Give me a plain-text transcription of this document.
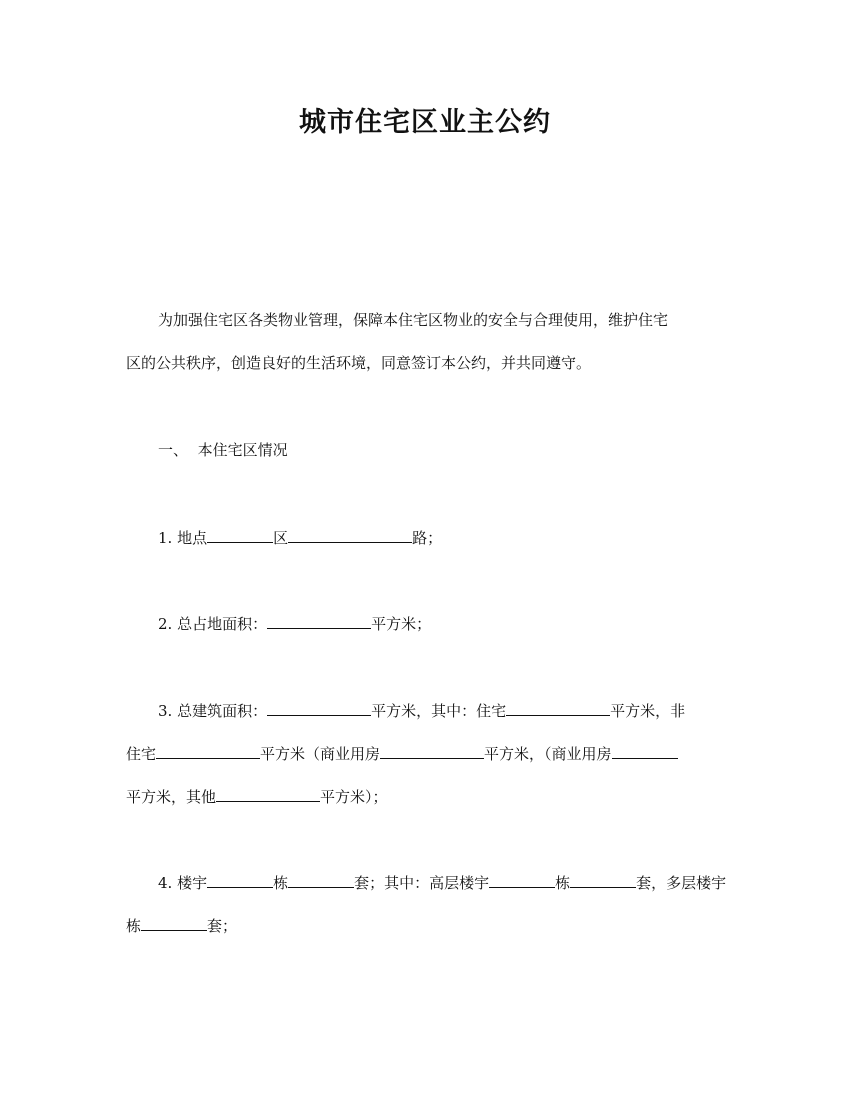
城市住宅区业主公约
为加强住宅区各类物业管理，保障本住宅区物业的安全与合理使用，维护住宅
区的公共秩序，创造良好的生活环境，同意签订本公约，并共同遵守。
一、 本住宅区情况
1. 地点	区	路；
2. 总占地面积：	平方米；
3. 总建筑面积：	平方米，其中：住宅	平方米，非
住宅	平方米（商业用房	平方米，（商业用房
平方米，其他	平方米）；
4. 楼宇	栋	套；其中：高层楼宇	栋	套，多层楼宇
栋	套；
